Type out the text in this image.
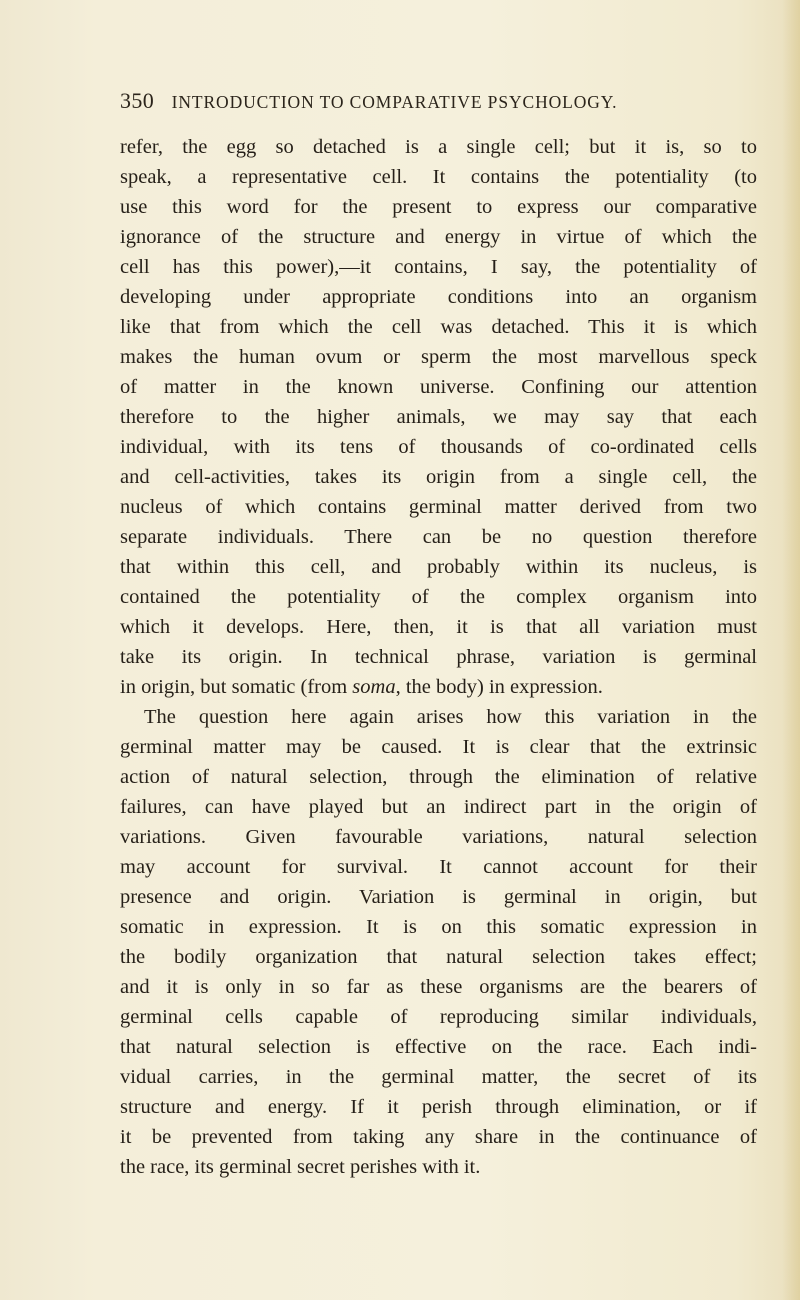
350 INTRODUCTION TO COMPARATIVE PSYCHOLOGY.
refer, the egg so detached is a single cell; but it is, so to
speak, a representative cell. It contains the potentiality (to
use this word for the present to express our comparative
ignorance of the structure and energy in virtue of which the
cell has this power),—it contains, I say, the potentiality of
developing under appropriate conditions into an organism
like that from which the cell was detached. This it is which
makes the human ovum or sperm the most marvellous speck
of matter in the known universe. Confining our attention
therefore to the higher animals, we may say that each
individual, with its tens of thousands of co-ordinated cells
and cell-activities, takes its origin from a single cell, the
nucleus of which contains germinal matter derived from two
separate individuals. There can be no question therefore
that within this cell, and probably within its nucleus, is
contained the potentiality of the complex organism into
which it develops. Here, then, it is that all variation must
take its origin. In technical phrase, variation is germinal
in origin, but somatic (from soma, the body) in expression.
The question here again arises how this variation in the
germinal matter may be caused. It is clear that the extrinsic
action of natural selection, through the elimination of relative
failures, can have played but an indirect part in the origin of
variations. Given favourable variations, natural selection
may account for survival. It cannot account for their
presence and origin. Variation is germinal in origin, but
somatic in expression. It is on this somatic expression in
the bodily organization that natural selection takes effect;
and it is only in so far as these organisms are the bearers of
germinal cells capable of reproducing similar individuals,
that natural selection is effective on the race. Each indi-
vidual carries, in the germinal matter, the secret of its
structure and energy. If it perish through elimination, or if
it be prevented from taking any share in the continuance of
the race, its germinal secret perishes with it.
